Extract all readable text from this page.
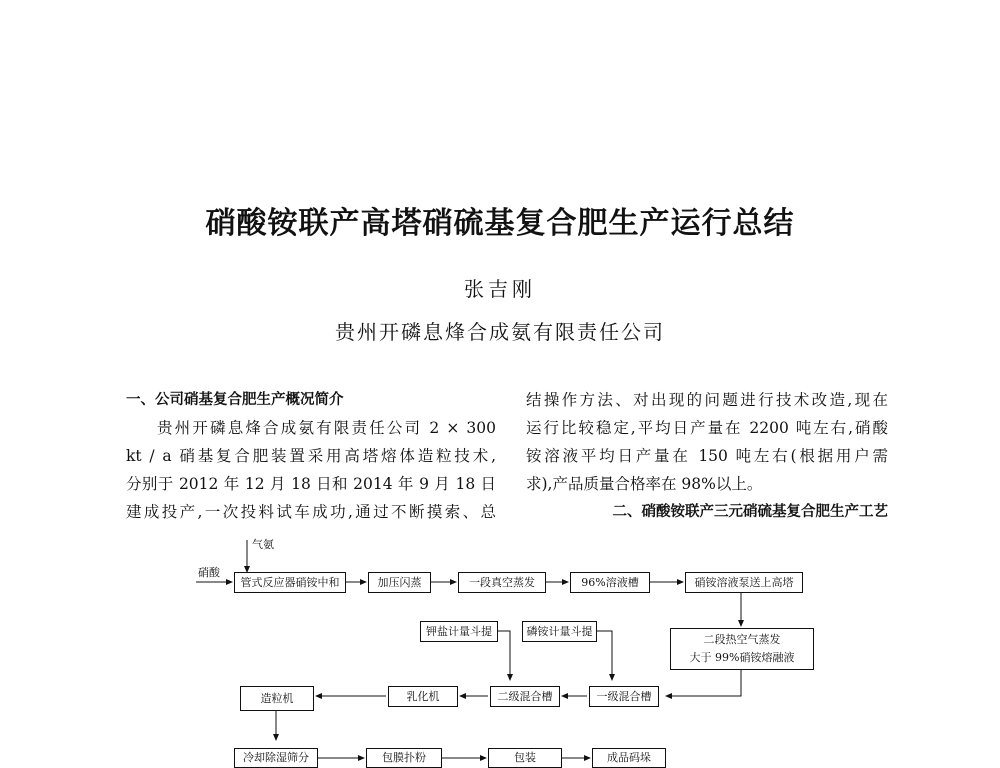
硝酸铵联产高塔硝硫基复合肥生产运行总结
张吉刚
贵州开磷息烽合成氨有限责任公司
一、公司硝基复合肥生产概况简介
贵州开磷息烽合成氨有限责任公司 2 × 300
kt / a 硝基复合肥装置采用高塔熔体造粒技术,
分别于 2012 年 12 月 18 日和 2014 年 9 月 18 日
建成投产,一次投料试车成功,通过不断摸索、总
结操作方法、对出现的问题进行技术改造,现在
运行比较稳定,平均日产量在 2200 吨左右,硝酸
铵溶液平均日产量在 150 吨左右(根据用户需
求),产品质量合格率在 98%以上。
二、硝酸铵联产三元硝硫基复合肥生产工艺
气氨
硝酸
管式反应器硝铵中和	加压闪蒸	一段真空蒸发	96%溶液槽	硝铵溶液泵送上高塔
二段热空气蒸发
大于 99%硝铵熔融液
钾盐计量斗提	磷铵计量斗提
一级混合槽
二级混合槽
乳化机
造粒机
冷却除湿筛分	包膜扑粉	包装	成品码垛
